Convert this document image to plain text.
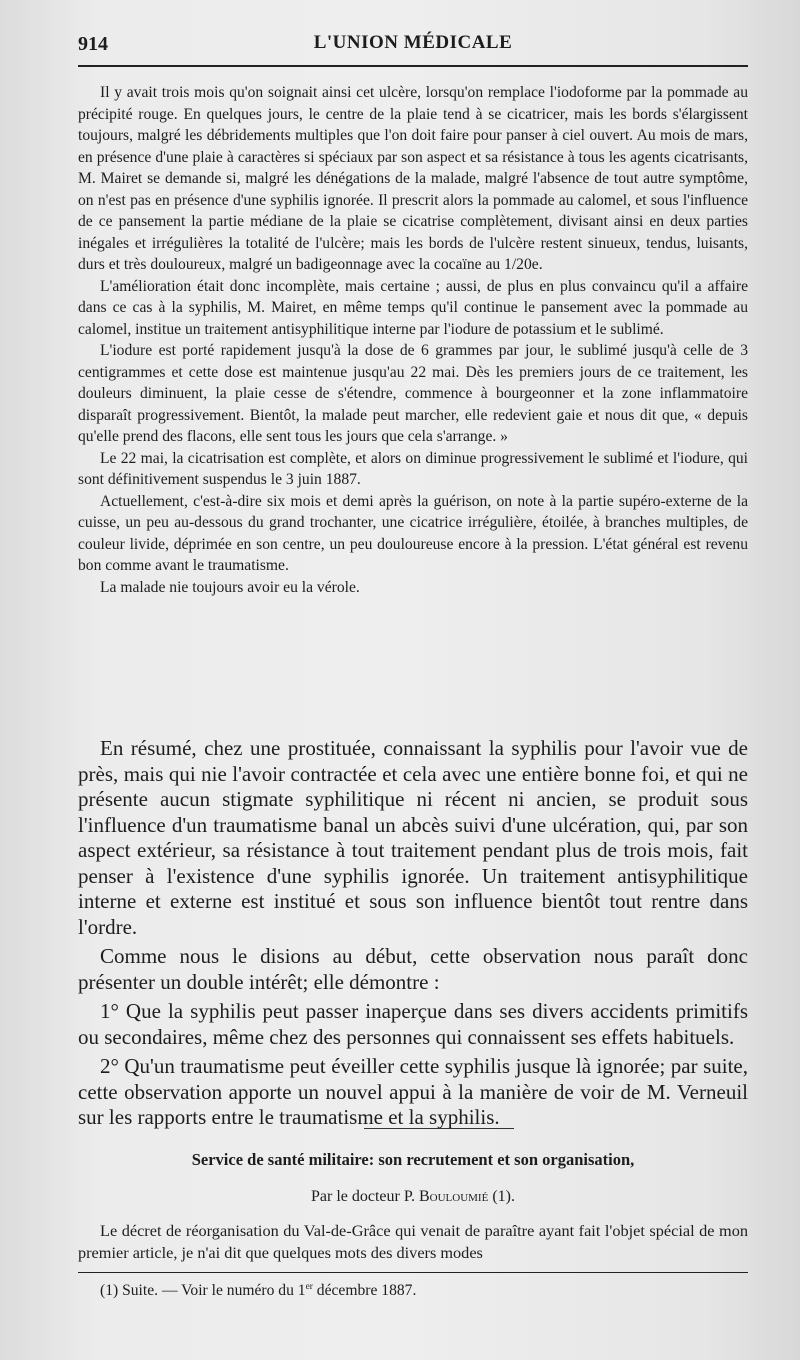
914	L'UNION MÉDICALE

Il y avait trois mois qu'on soignait ainsi cet ulcère, lorsqu'on remplace l'iodoforme par la pommade au précipité rouge. En quelques jours, le centre de la plaie tend à se cicatricer, mais les bords s'élargissent toujours, malgré les débridements multiples que l'on doit faire pour panser à ciel ouvert. Au mois de mars, en présence d'une plaie à caractères si spéciaux par son aspect et sa résistance à tous les agents cicatrisants, M. Mairet se demande si, malgré les dénégations de la malade, malgré l'absence de tout autre symptôme, on n'est pas en présence d'une syphilis ignorée. Il prescrit alors la pommade au calomel, et sous l'influence de ce pansement la partie médiane de la plaie se cicatrise complètement, divisant ainsi en deux parties inégales et irrégulières la totalité de l'ulcère; mais les bords de l'ulcère restent sinueux, tendus, luisants, durs et très douloureux, malgré un badigeonnage avec la cocaïne au 1/20e.

L'amélioration était donc incomplète, mais certaine ; aussi, de plus en plus convaincu qu'il a affaire dans ce cas à la syphilis, M. Mairet, en même temps qu'il continue le pansement avec la pommade au calomel, institue un traitement antisyphilitique interne par l'iodure de potassium et le sublimé.

L'iodure est porté rapidement jusqu'à la dose de 6 grammes par jour, le sublimé jusqu'à celle de 3 centigrammes et cette dose est maintenue jusqu'au 22 mai. Dès les premiers jours de ce traitement, les douleurs diminuent, la plaie cesse de s'étendre, commence à bourgeonner et la zone inflammatoire disparaît progressivement. Bientôt, la malade peut marcher, elle redevient gaie et nous dit que, « depuis qu'elle prend des flacons, elle sent tous les jours que cela s'arrange. »

Le 22 mai, la cicatrisation est complète, et alors on diminue progressivement le sublimé et l'iodure, qui sont définitivement suspendus le 3 juin 1887.

Actuellement, c'est-à-dire six mois et demi après la guérison, on note à la partie supéro-externe de la cuisse, un peu au-dessous du grand trochanter, une cicatrice irrégulière, étoilée, à branches multiples, de couleur livide, déprimée en son centre, un peu douloureuse encore à la pression. L'état général est revenu bon comme avant le traumatisme.

La malade nie toujours avoir eu la vérole.

En résumé, chez une prostituée, connaissant la syphilis pour l'avoir vue de près, mais qui nie l'avoir contractée et cela avec une entière bonne foi, et qui ne présente aucun stigmate syphilitique ni récent ni ancien, se produit sous l'influence d'un traumatisme banal un abcès suivi d'une ulcération, qui, par son aspect extérieur, sa résistance à tout traitement pendant plus de trois mois, fait penser à l'existence d'une syphilis ignorée. Un traitement antisyphilitique interne et externe est institué et sous son influence bientôt tout rentre dans l'ordre.

Comme nous le disions au début, cette observation nous paraît donc présenter un double intérêt; elle démontre :

1° Que la syphilis peut passer inaperçue dans ses divers accidents primitifs ou secondaires, même chez des personnes qui connaissent ses effets habituels.

2° Qu'un traumatisme peut éveiller cette syphilis jusque là ignorée; par suite, cette observation apporte un nouvel appui à la manière de voir de M. Verneuil sur les rapports entre le traumatisme et la syphilis.

Service de santé militaire: son recrutement et son organisation,

Par le docteur P. Bouloumié (1).

Le décret de réorganisation du Val-de-Grâce qui venait de paraître ayant fait l'objet spécial de mon premier article, je n'ai dit que quelques mots des divers modes

(1) Suite. — Voir le numéro du 1er décembre 1887.
